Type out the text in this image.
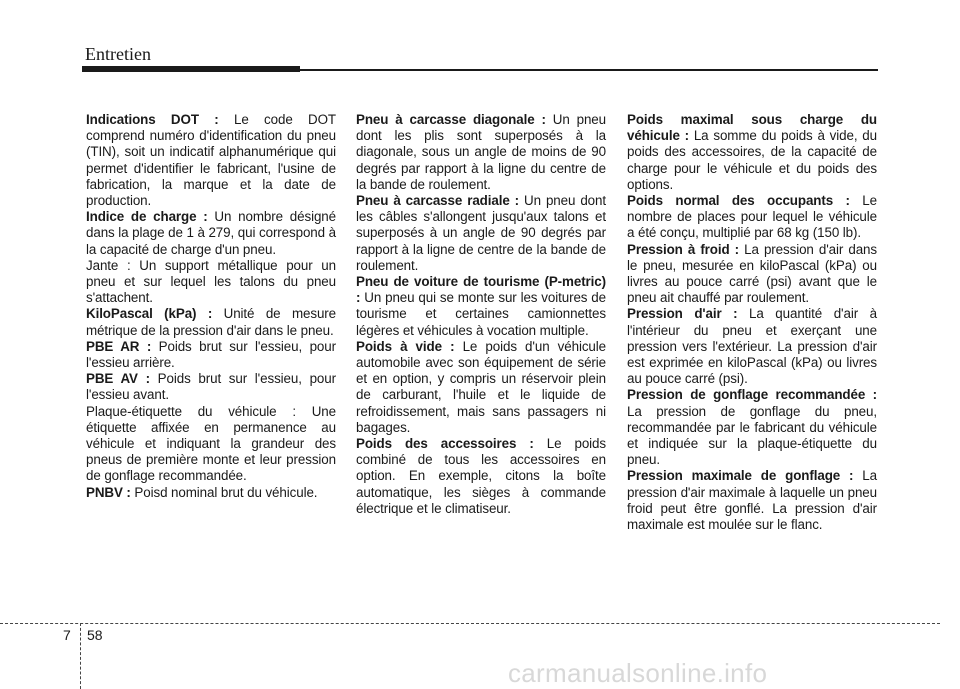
Entretien

Indications DOT : Le code DOT comprend numéro d'identification du pneu (TIN), soit un indicatif alphanumérique qui permet d'identifier le fabricant, l'usine de fabrication, la marque et la date de production.

Indice de charge : Un nombre désigné dans la plage de 1 à 279, qui correspond à la capacité de charge d'un pneu.

Jante : Un support métallique pour un pneu et sur lequel les talons du pneu s'attachent.

KiloPascal (kPa) : Unité de mesure métrique de la pression d'air dans le pneu.

PBE AR : Poids brut sur l'essieu, pour l'essieu arrière.

PBE AV : Poids brut sur l'essieu, pour l'essieu avant.

Plaque-étiquette du véhicule : Une étiquette affixée en permanence au véhicule et indiquant la grandeur des pneus de première monte et leur pression de gonflage recommandée.

PNBV : Poisd nominal brut du véhicule.

Pneu à carcasse diagonale : Un pneu dont les plis sont superposés à la diagonale, sous un angle de moins de 90 degrés par rapport à la ligne du centre de la bande de roulement.

Pneu à carcasse radiale : Un pneu dont les câbles s'allongent jusqu'aux talons et superposés à un angle de 90 degrés par rapport à la ligne de centre de la bande de roulement.

Pneu de voiture de tourisme (P-metric) : Un pneu qui se monte sur les voitures de tourisme et certaines camionnettes légères et véhicules à vocation multiple.

Poids à vide : Le poids d'un véhicule automobile avec son équipement de série et en option, y compris un réservoir plein de carburant, l'huile et le liquide de refroidissement, mais sans passagers ni bagages.

Poids des accessoires : Le poids combiné de tous les accessoires en option. En exemple, citons la boîte automatique, les sièges à commande électrique et le climatiseur.

Poids maximal sous charge du véhicule : La somme du poids à vide, du poids des accessoires, de la capacité de charge pour le véhicule et du poids des options.

Poids normal des occupants : Le nombre de places pour lequel le véhicule a été conçu, multiplié par 68 kg (150 lb).

Pression à froid : La pression d'air dans le pneu, mesurée en kiloPascal (kPa) ou livres au pouce carré (psi) avant que le pneu ait chauffé par roulement.

Pression d'air : La quantité d'air à l'intérieur du pneu et exerçant une pression vers l'extérieur. La pression d'air est exprimée en kiloPascal (kPa) ou livres au pouce carré (psi).

Pression de gonflage recommandée : La pression de gonflage du pneu, recommandée par le fabricant du véhicule et indiquée sur la plaque-étiquette du pneu.

Pression maximale de gonflage : La pression d'air maximale à laquelle un pneu froid peut être gonflé. La pression d'air maximale est moulée sur le flanc.

7 58
carmanualsonline.info
